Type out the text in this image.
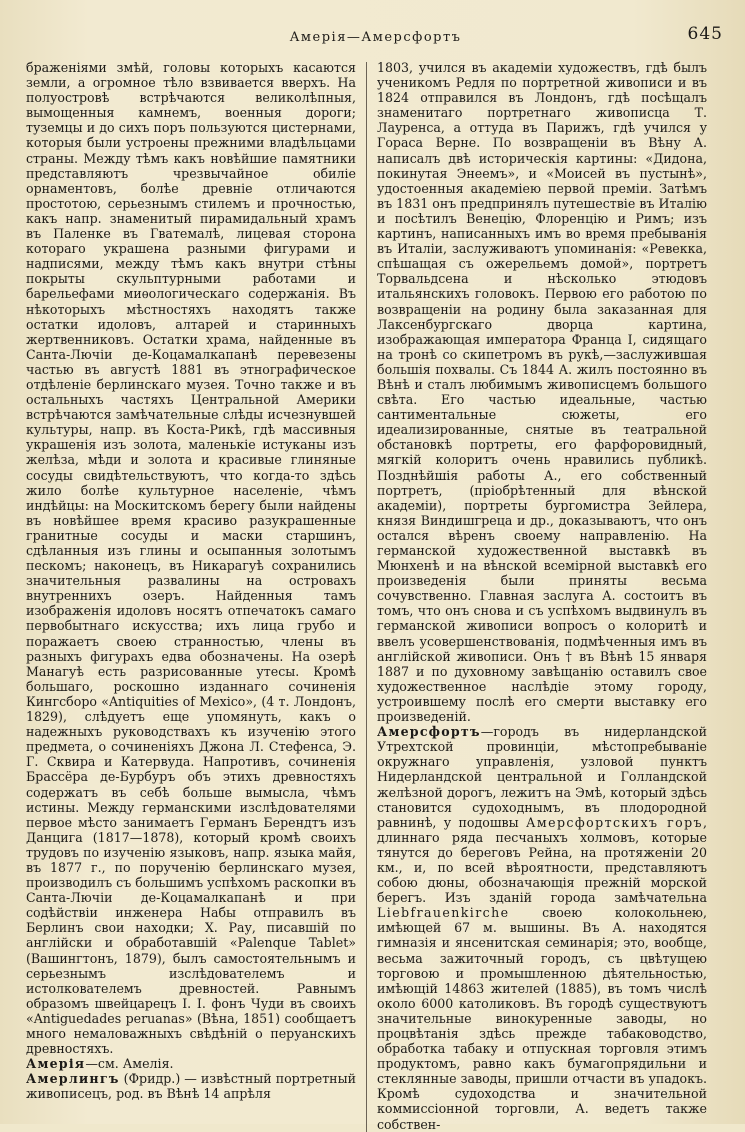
Амерія—Амерсфортъ	645

браженіями змѣй, головы которыхъ касаются земли, а огромное тѣло взвивается вверхъ. На полуостровѣ встрѣчаются великолѣпныя, вымощенныя камнемъ, военныя дороги; туземцы и до сихъ поръ пользуются цистернами, которыя были устроены прежними владѣльцами страны. Между тѣмъ какъ новѣйшие памятники представляютъ чрезвычайное обиліе орнаментовъ, болѣе древніе отличаются простотою, серьезнымъ стилемъ и прочностью, какъ напр. знаменитый пирамидальный храмъ въ Паленке въ Гватемалѣ, лицевая сторона котораго украшена разными фигурами и надписями, между тѣмъ какъ внутри стѣны покрыты скульптурными работами и барельефами миѳологическаго содержанія. Въ нѣкоторыхъ мѣстностяхъ находятъ также остатки идоловъ, алтарей и старинныхъ жертвенниковъ. Остатки храма, найденные въ Санта-Лючіи де-Коцамалкапанѣ перевезены частью въ августѣ 1881 въ этнографическое отдѣленіе берлинскаго музея. Точно также и въ остальныхъ частяхъ Центральной Америки встрѣчаются замѣчательные слѣды исчезнувшей культуры, напр. въ Коста-Рикѣ, гдѣ массивныя украшенія изъ золота, маленькіе истуканы изъ желѣза, мѣди и золота и красивые глиняные сосуды свидѣтельствуютъ, что когда-то здѣсь жило болѣе культурное населеніе, чѣмъ индѣйцы: на Москитскомъ берегу были найдены въ новѣйшее время красиво разукрашенные гранитные сосуды и маски старшинъ, сдѣланныя изъ глины и осыпанныя золотымъ пескомъ; наконецъ, въ Никарагуѣ сохранились значительныя развалины на островахъ внутреннихъ озеръ. Найденныя тамъ изображенія идоловъ носятъ отпечатокъ самаго первобытнаго искусства; ихъ лица грубо и поражаетъ своею странностью, члены въ разныхъ фигурахъ едва обозначены. На озерѣ Манагуѣ есть разрисованные утесы. Кромѣ большаго, роскошно изданнаго сочиненія Кингсборо «Antiquities of Mexico», (4 т. Лондонъ, 1829), слѣдуетъ еще упомянуть, какъ о надежныхъ руководствахъ къ изученію этого предмета, о сочиненіяхъ Джона Л. Стефенса, Э. Г. Сквира и Катервуда. Напротивъ, сочиненія Брассёра де-Бурбуръ объ этихъ древностяхъ содержатъ въ себѣ больше вымысла, чѣмъ истины. Между германскими изслѣдователями первое мѣсто занимаетъ Германъ Берендтъ изъ Данцига (1817—1878), который кромѣ своихъ трудовъ по изученію языковъ, напр. языка майя, въ 1877 г., по порученію берлинскаго музея, производилъ съ большимъ успѣхомъ раскопки въ Санта-Лючіи де-Коцамалкапанѣ и при содѣйствіи инженера Набы отправилъ въ Берлинъ свои находки; Х. Рау, писавшій по англійски и обработавшій «Palenque Tablet» (Вашингтонъ, 1879), былъ самостоятельнымъ и серьезнымъ изслѣдователемъ и истолкователемъ древностей. Равнымъ образомъ швейцарецъ І. І. фонъ Чуди въ своихъ «Antiguedades peruanas» (Вѣна, 1851) сообщаетъ много немаловажныхъ свѣдѣній о перуанскихъ древностяхъ.

Амерія—см. Амелія.

Амерлингъ (Фридр.) — извѣстный портретный живописецъ, род. въ Вѣнѣ 14 апрѣля

1803, учился въ академіи художествъ, гдѣ былъ ученикомъ Редля по портретной живописи и въ 1824 отправился въ Лондонъ, гдѣ посѣщалъ знаменитаго портретнаго живописца Т. Лауренса, а оттуда въ Парижъ, гдѣ учился у Гораса Верне. По возвращеніи въ Вѣну А. написалъ двѣ историческія картины: «Дидона, покинутая Энеемъ», и «Моисей въ пустынѣ», удостоенныя академіею первой преміи. Затѣмъ въ 1831 онъ предпринялъ путешествіе въ Италію и посѣтилъ Венецію, Флоренцію и Римъ; изъ картинъ, написанныхъ имъ во время пребыванія въ Италіи, заслуживаютъ упоминанія: «Ревекка, спѣшащая съ ожерельемъ домой», портретъ Торвальдсена и нѣсколько этюдовъ итальянскихъ головокъ. Первою его работою по возвращеніи на родину была заказанная для Лаксенбургскаго дворца картина, изображающая императора Франца I, сидящаго на тронѣ со скипетромъ въ рукѣ,—заслужившая большія похвалы. Съ 1844 А. жилъ постоянно въ Вѣнѣ и сталъ любимымъ живописцемъ большого свѣта. Его частью идеальные, частью сантиментальные сюжеты, его идеализированные, снятые въ театральной обстановкѣ портреты, его фарфоровидный, мягкій колоритъ очень нравились публикѣ. Позднѣйшія работы А., его собственный портретъ, (пріобрѣтенный для вѣнской академіи), портреты бургомистра Зейлера, князя Виндишгреца и др., доказываютъ, что онъ остался вѣренъ своему направленію. На германской художественной выставкѣ въ Мюнхенѣ и на вѣнской всемірной выставкѣ его произведенія были приняты весьма сочувственно. Главная заслуга А. состоитъ въ томъ, что онъ снова и съ успѣхомъ выдвинулъ въ германской живописи вопросъ о колоритѣ и ввелъ усовершенствованія, подмѣченныя имъ въ англійской живописи. Онъ † въ Вѣнѣ 15 января 1887 и по духовному завѣщанію оставилъ свое художественное наслѣдіе этому городу, устроившему послѣ его смерти выставку его произведеній.

Амерсфортъ—городъ въ нидерландской Утрехтской провинціи, мѣстопребываніе окружнаго управленія, узловой пунктъ Нидерландской центральной и Голландской желѣзной дорогъ, лежитъ на Эмѣ, который здѣсь становится судоходнымъ, въ плодородной равнинѣ, у подошвы Амерсфортскихъ горъ, длиннаго ряда песчаныхъ холмовъ, которые тянутся до береговъ Рейна, на протяженіи 20 км., и, по всей вѣроятности, представляютъ собою дюны, обозначающія прежній морской берегъ. Изъ зданій города замѣчательна Liebfrauenkirche своею колокольнею, имѣющей 67 м. вышины. Въ А. находятся гимназія и янсенитская семинарія; это, вообще, весьма зажиточный городъ, съ цвѣтущею торговою и промышленною дѣятельностью, имѣющій 14863 жителей (1885), въ томъ числѣ около 6000 католиковъ. Въ городѣ существуютъ значительные винокуренные заводы, но процвѣтанія здѣсь прежде табаководство, обработка табаку и отпускная торговля этимъ продуктомъ, равно какъ бумагопрядильни и стеклянные заводы, пришли отчасти въ упадокъ. Кромѣ судоходства и значительной коммиссіонной торговли, А. ведетъ также собствен-
